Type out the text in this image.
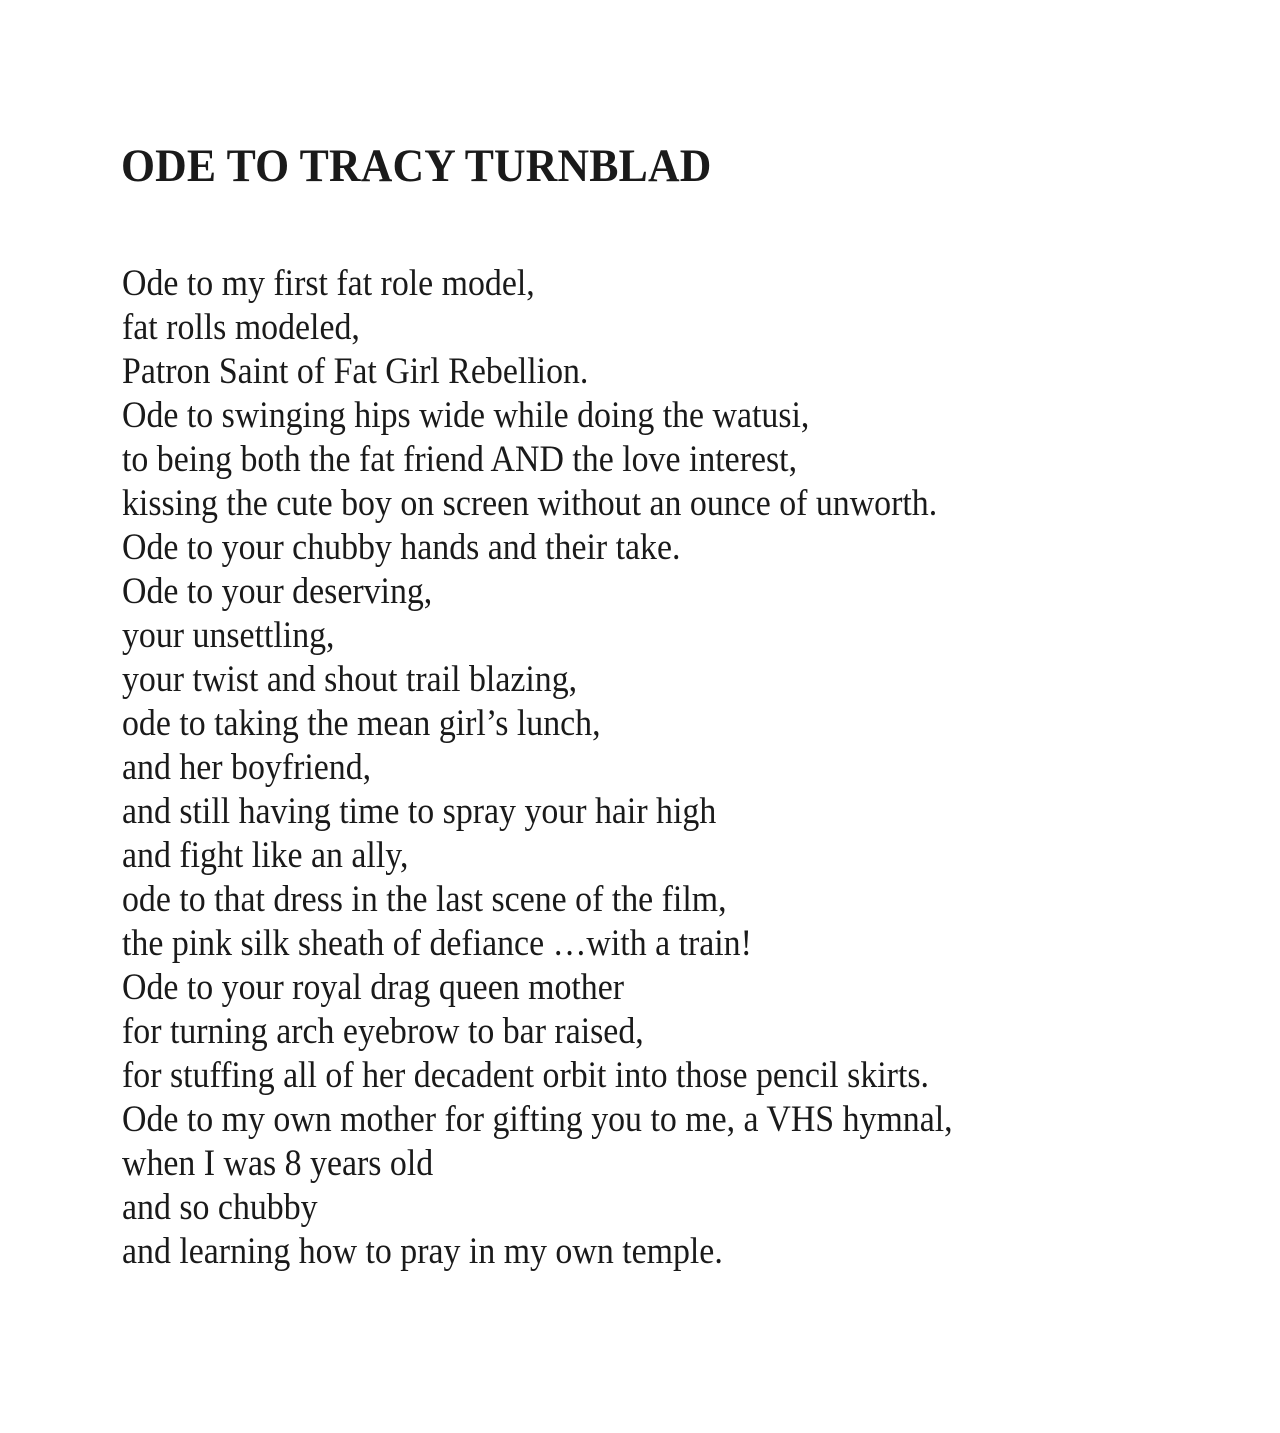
ODE TO TRACY TURNBLAD
Ode to my first fat role model,
fat rolls modeled,
Patron Saint of Fat Girl Rebellion.
Ode to swinging hips wide while doing the watusi,
to being both the fat friend AND the love interest,
kissing the cute boy on screen without an ounce of unworth.
Ode to your chubby hands and their take.
Ode to your deserving,
your unsettling,
your twist and shout trail blazing,
ode to taking the mean girl’s lunch,
and her boyfriend,
and still having time to spray your hair high
and fight like an ally,
ode to that dress in the last scene of the film,
the pink silk sheath of defiance …with a train!
Ode to your royal drag queen mother
for turning arch eyebrow to bar raised,
for stuffing all of her decadent orbit into those pencil skirts.
Ode to my own mother for gifting you to me, a VHS hymnal,
when I was 8 years old
and so chubby
and learning how to pray in my own temple.
